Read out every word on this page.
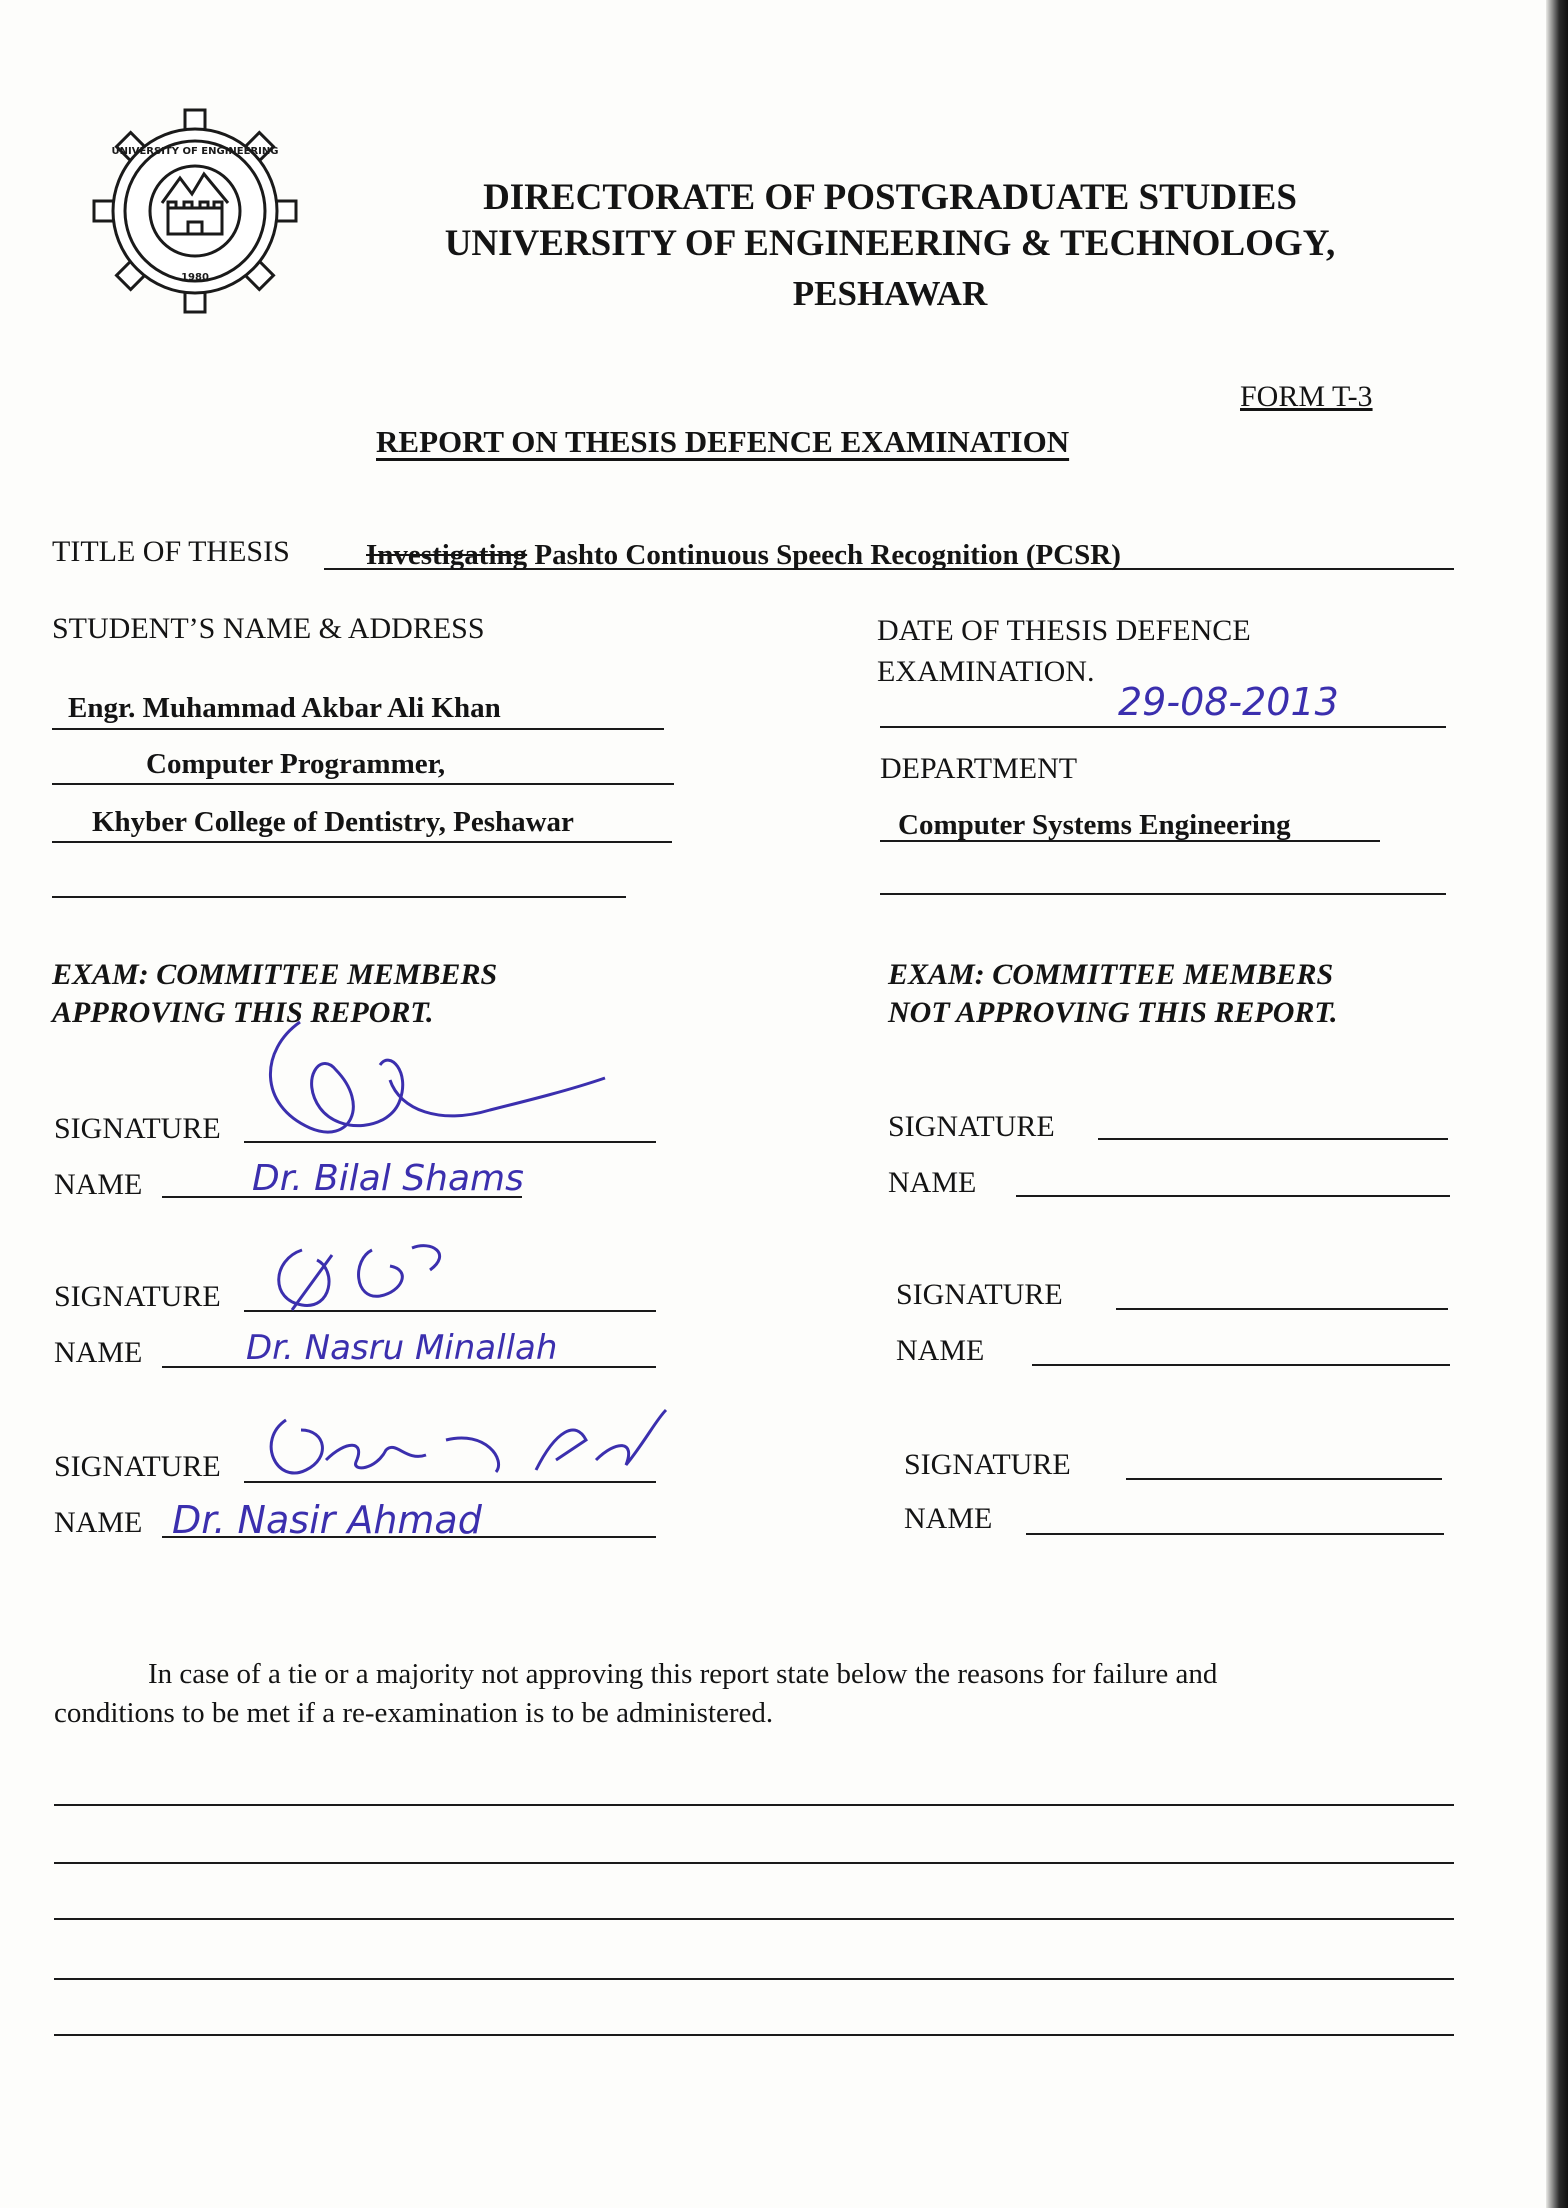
UNIVERSITY OF ENGINEERING
1980
DIRECTORATE OF POSTGRADUATE STUDIES
UNIVERSITY OF ENGINEERING & TECHNOLOGY,
PESHAWAR
FORM T-3
REPORT ON THESIS DEFENCE EXAMINATION
TITLE OF THESIS	Investigating Pashto Continuous Speech Recognition (PCSR)
STUDENT’S NAME & ADDRESS
Engr. Muhammad Akbar Ali Khan
Computer Programmer,
Khyber College of Dentistry, Peshawar
DATE OF THESIS DEFENCE
EXAMINATION.
29-08-2013
DEPARTMENT
Computer Systems Engineering
EXAM: COMMITTEE MEMBERS
APPROVING THIS REPORT.
EXAM: COMMITTEE MEMBERS
NOT APPROVING THIS REPORT.
SIGNATURE
NAME	Dr. Bilal Shams
SIGNATURE
NAME	Dr. Nasru Minallah
SIGNATURE
NAME Dr. Nasir Ahmad
SIGNATURE
NAME
SIGNATURE
NAME
SIGNATURE
NAME
In case of a tie or a majority not approving this report state below the reasons for failure and
conditions to be met if a re-examination is to be administered.
